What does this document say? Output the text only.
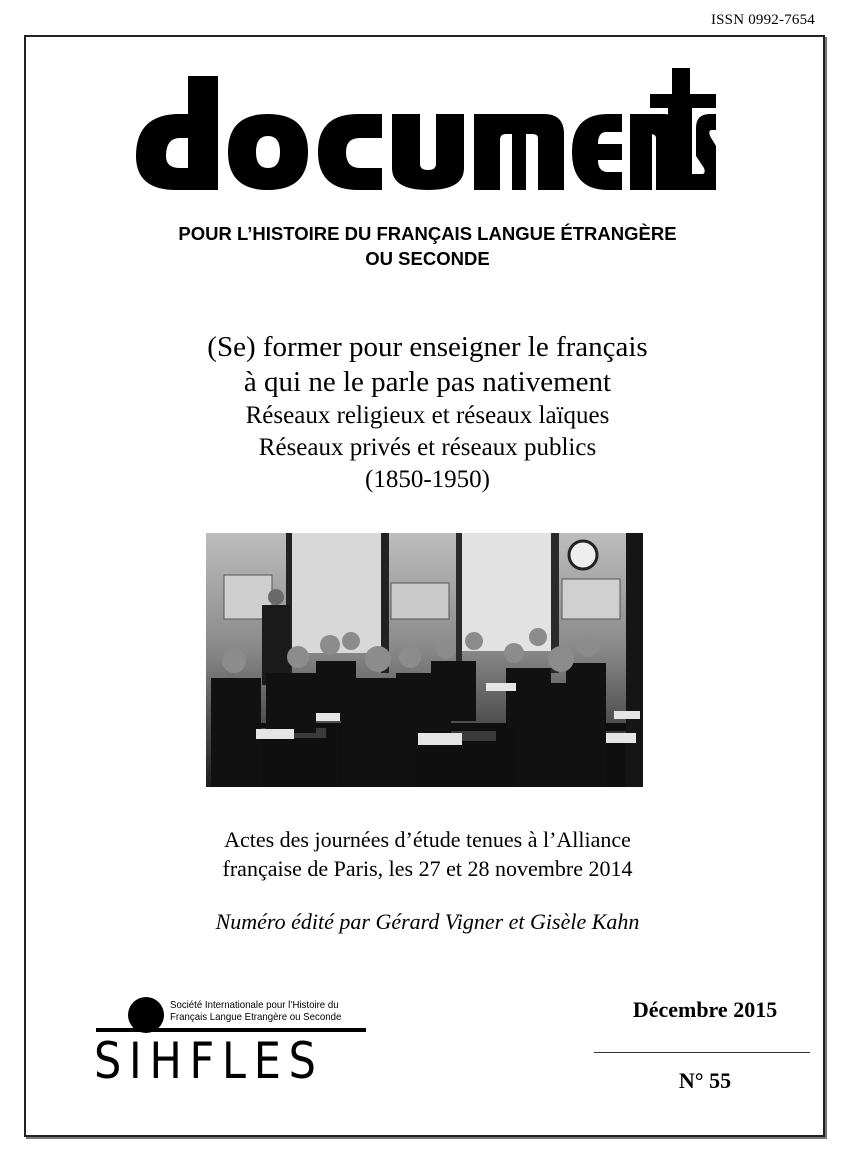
ISSN 0992-7654
POUR L’HISTOIRE DU FRANÇAIS LANGUE ÉTRANGÈRE
OU SECONDE
(Se) former pour enseigner le français
à qui ne le parle pas nativement
Réseaux religieux et réseaux laïques
Réseaux privés et réseaux publics
(1850-1950)
Actes des journées d’étude tenues à l’Alliance
française de Paris, les 27 et 28 novembre 2014
Numéro édité par Gérard Vigner et Gisèle Kahn
Société Internationale pour l’Histoire du
Français Langue Etrangère ou Seconde
SIHFLES
Décembre 2015
N° 55
